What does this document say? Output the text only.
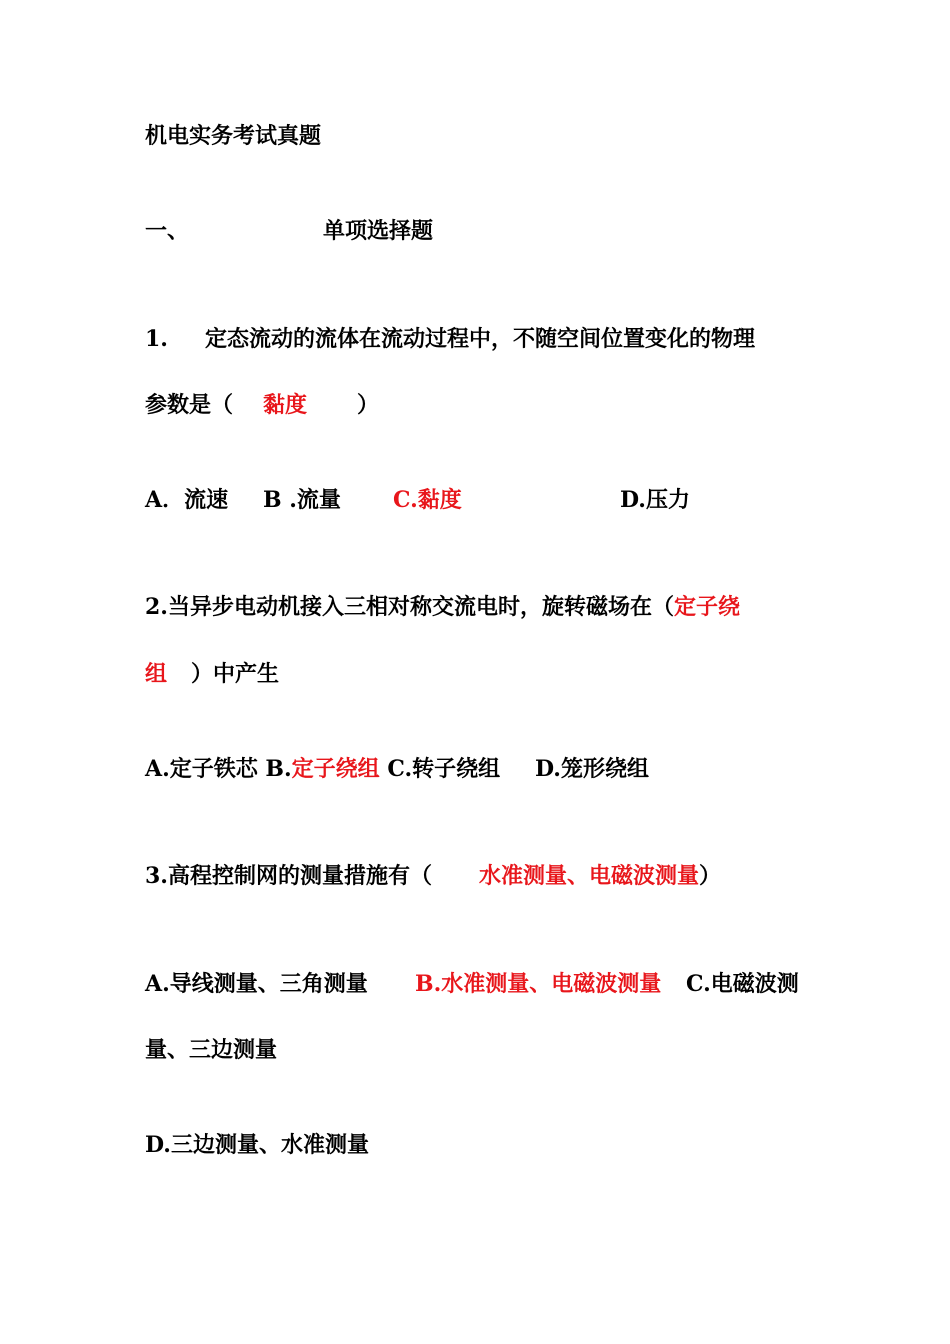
机电实务考试真题
一、	单项选择题
1. 定态流动的流体在流动过程中，不随空间位置变化的物理
参数是（ 黏度 ）
A．流速 B .流量 C.黏度	D.压力
2.当异步电动机接入三相对称交流电时，旋转磁场在（定子绕
组 ）中产生
A.定子铁芯 B.定子绕组 C.转子绕组 D.笼形绕组
3.高程控制网的测量措施有（ 水准测量、电磁波测量）
A.导线测量、三角测量 B.水准测量、电磁波测量 C.电磁波测
量、三边测量
D.三边测量、水准测量
